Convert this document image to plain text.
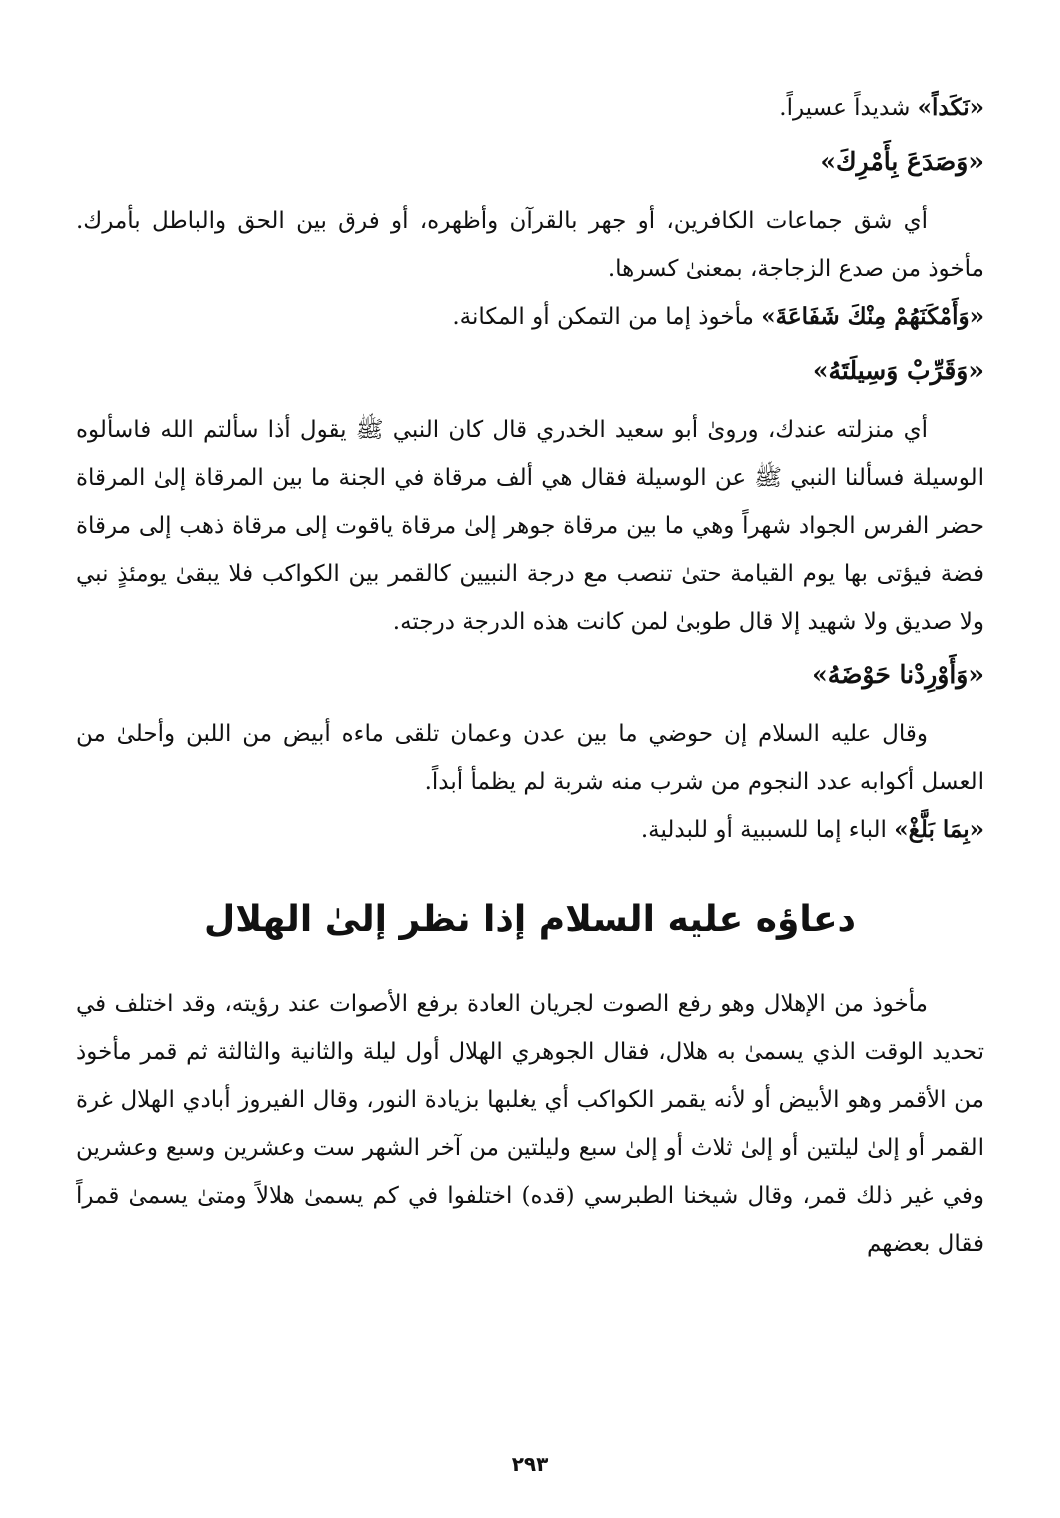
«نَكَداً» شديداً عسيراً.

«وَصَدَعَ بِأَمْرِكَ»

أي شق جماعات الكافرين، أو جهر بالقرآن وأظهره، أو فرق بين الحق والباطل بأمرك. مأخوذ من صدع الزجاجة، بمعنىٰ كسرها.

«وَأَمْكَنَهُمْ مِنْكَ شَفَاعَةَ» مأخوذ إما من التمكن أو المكانة.

«وَقَرِّبْ وَسِيلَتَهُ»

أي منزلته عندك، وروىٰ أبو سعيد الخدري قال كان النبي ﷺ يقول أذا سألتم الله فاسألوه الوسيلة فسألنا النبي ﷺ عن الوسيلة فقال هي ألف مرقاة في الجنة ما بين المرقاة إلىٰ المرقاة حضر الفرس الجواد شهراً وهي ما بين مرقاة جوهر إلىٰ مرقاة ياقوت إلى مرقاة ذهب إلى مرقاة فضة فيؤتى بها يوم القيامة حتىٰ تنصب مع درجة النبيين كالقمر بين الكواكب فلا يبقىٰ يومئذٍ نبي ولا صديق ولا شهيد إلا قال طوبىٰ لمن كانت هذه الدرجة درجته.

«وَأَوْرِدْنا حَوْضَهُ»

وقال عليه السلام إن حوضي ما بين عدن وعمان تلقى ماءه أبيض من اللبن وأحلىٰ من العسل أكوابه عدد النجوم من شرب منه شربة لم يظمأ أبداً.

«بِمَا بَلَّغْ» الباء إما للسببية أو للبدلية.

دعاؤه عليه السلام إذا نظر إلىٰ الهلال

مأخوذ من الإهلال وهو رفع الصوت لجريان العادة برفع الأصوات عند رؤيته، وقد اختلف في تحديد الوقت الذي يسمىٰ به هلال، فقال الجوهري الهلال أول ليلة والثانية والثالثة ثم قمر مأخوذ من الأقمر وهو الأبيض أو لأنه يقمر الكواكب أي يغلبها بزيادة النور، وقال الفيروز أبادي الهلال غرة القمر أو إلىٰ ليلتين أو إلىٰ ثلاث أو إلىٰ سبع وليلتين من آخر الشهر ست وعشرين وسبع وعشرين وفي غير ذلك قمر، وقال شيخنا الطبرسي (قده) اختلفوا في كم يسمىٰ هلالاً ومتىٰ يسمىٰ قمراً فقال بعضهم

٢٩٣
